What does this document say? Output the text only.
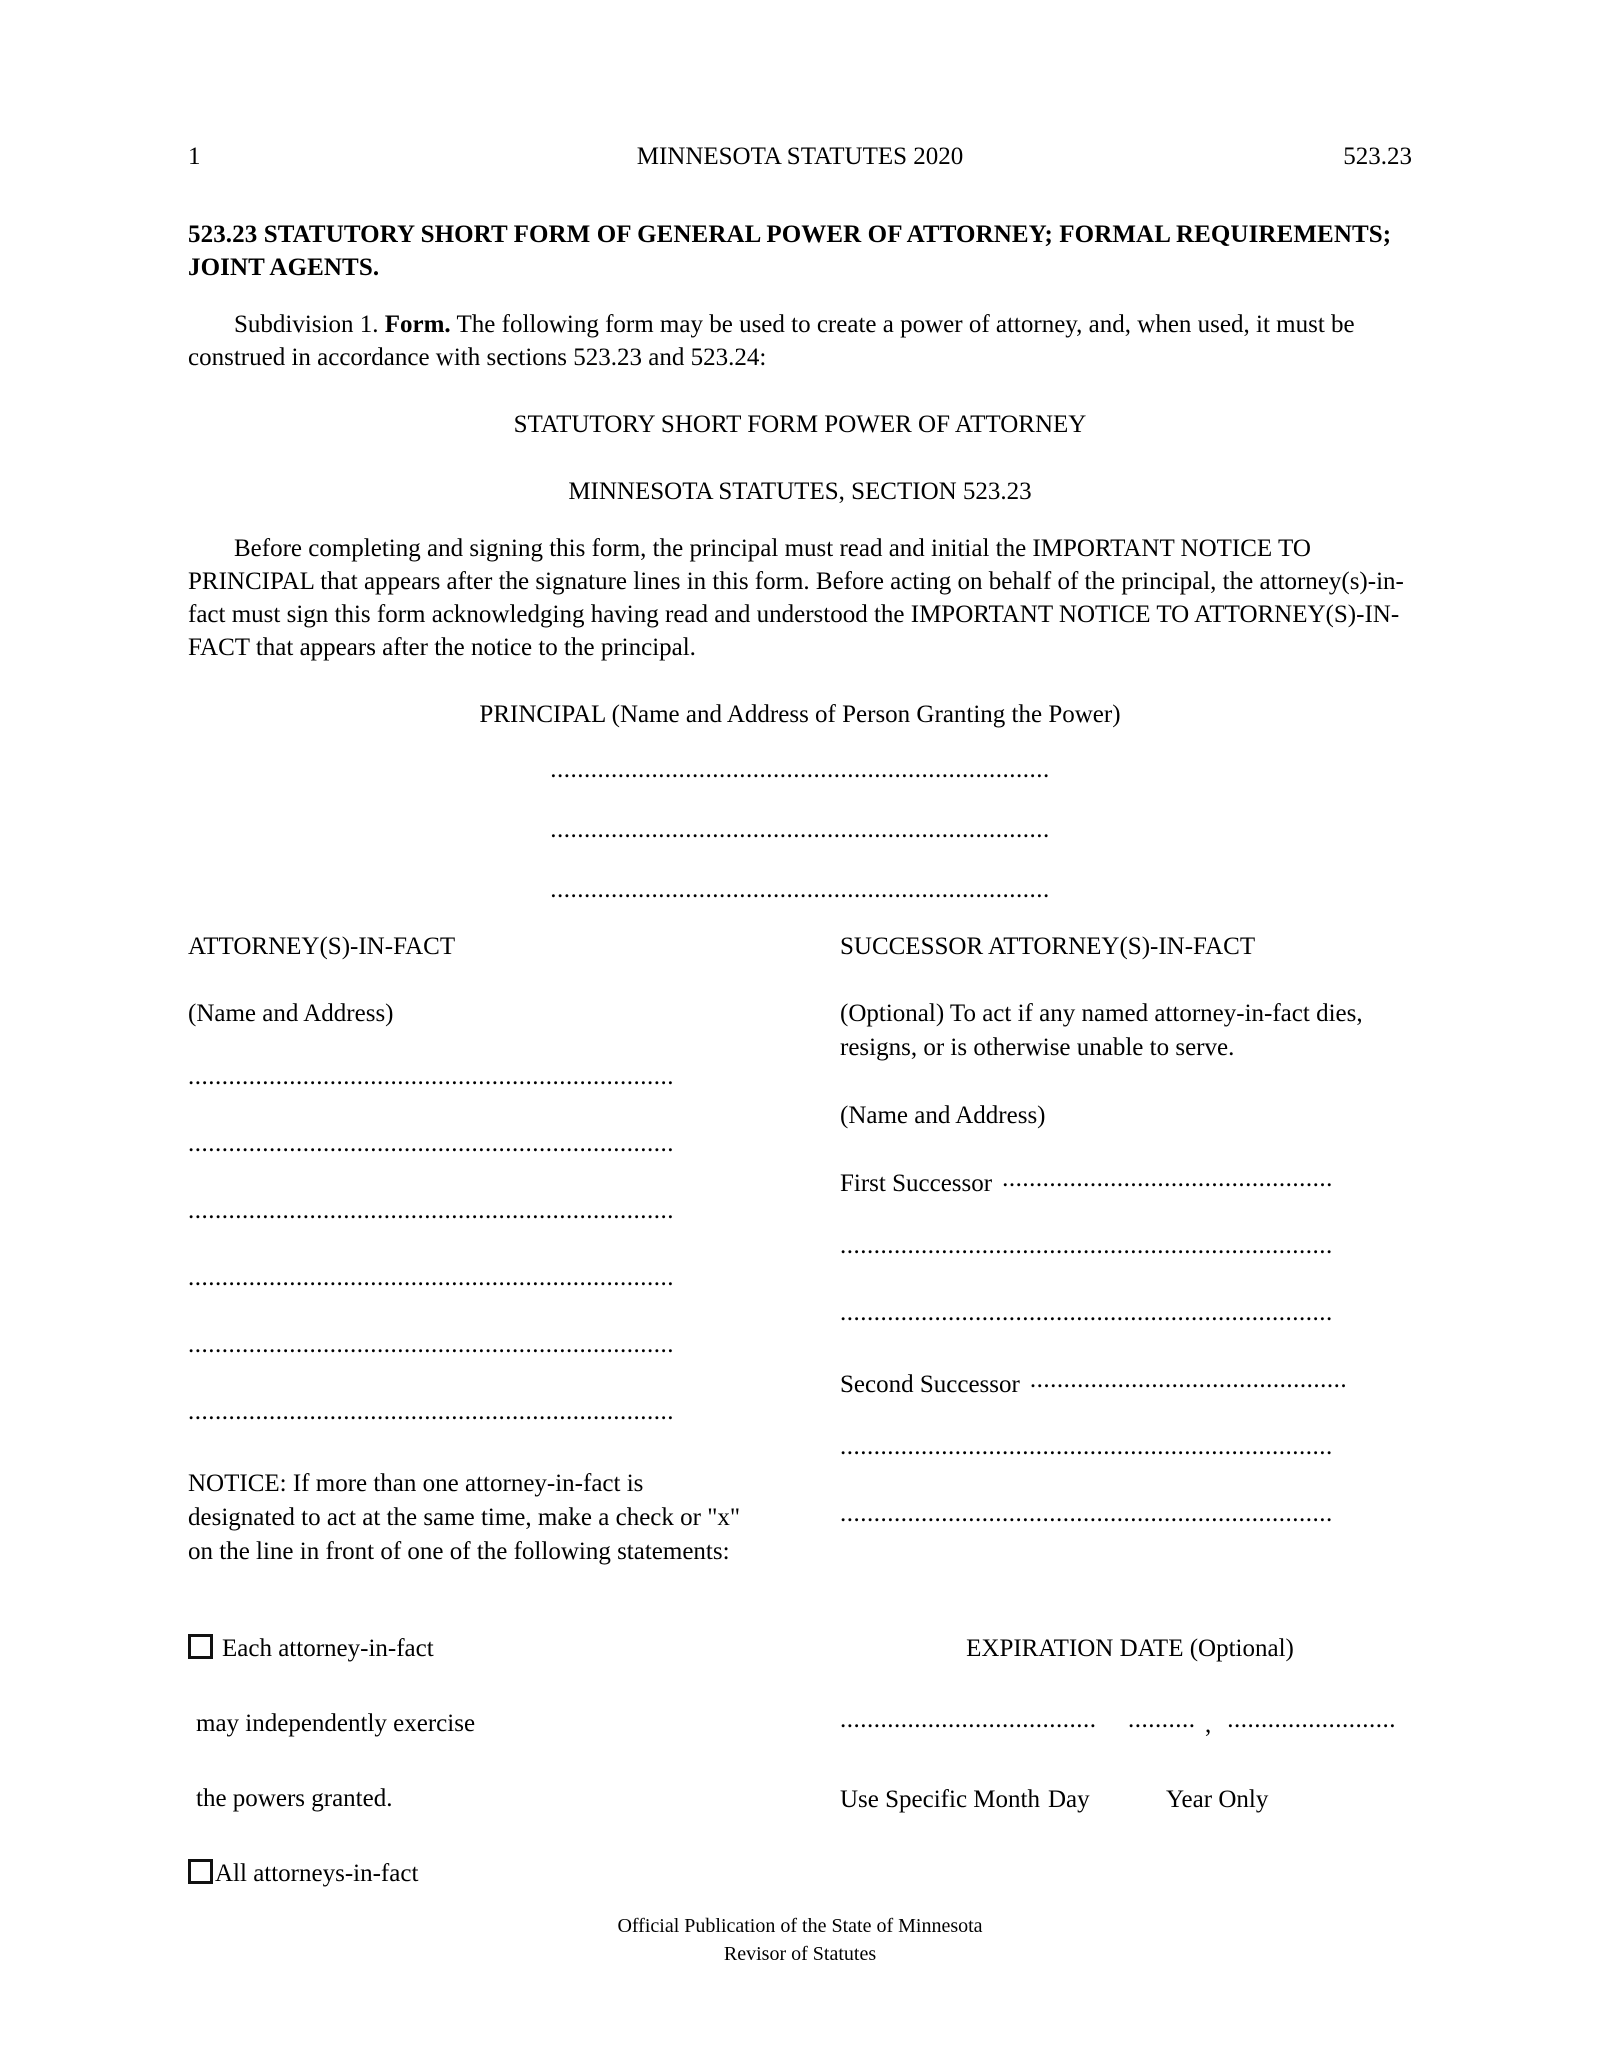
1	MINNESOTA STATUTES 2020	523.23
523.23 STATUTORY SHORT FORM OF GENERAL POWER OF ATTORNEY; FORMAL REQUIREMENTS; JOINT AGENTS.

Subdivision 1. Form. The following form may be used to create a power of attorney, and, when used, it must be construed in accordance with sections 523.23 and 523.24:

STATUTORY SHORT FORM POWER OF ATTORNEY
MINNESOTA STATUTES, SECTION 523.23

Before completing and signing this form, the principal must read and initial the IMPORTANT NOTICE TO PRINCIPAL that appears after the signature lines in this form. Before acting on behalf of the principal, the attorney(s)-in-fact must sign this form acknowledging having read and understood the IMPORTANT NOTICE TO ATTORNEY(S)-IN-FACT that appears after the notice to the principal.

PRINCIPAL (Name and Address of Person Granting the Power)
..........................................................................
..........................................................................
..........................................................................
ATTORNEY(S)-IN-FACT
(Name and Address)
........................................................................
........................................................................
........................................................................
........................................................................
........................................................................
........................................................................

NOTICE: If more than one attorney-in-fact is designated to act at the same time, make a check or "x" on the line in front of one of the following statements:

SUCCESSOR ATTORNEY(S)-IN-FACT
(Optional) To act if any named attorney-in-fact dies, resigns, or is otherwise unable to serve.
(Name and Address)
First Successor .................................................
.........................................................................
.........................................................................
Second Successor ...............................................
.........................................................................
.........................................................................
Each attorney-in-fact
may independently exercise
the powers granted.
All attorneys-in-fact
EXPIRATION DATE (Optional)
...................................... .......... , .........................
Use Specific Month Day	Year Only
Official Publication of the State of Minnesota
Revisor of Statutes
